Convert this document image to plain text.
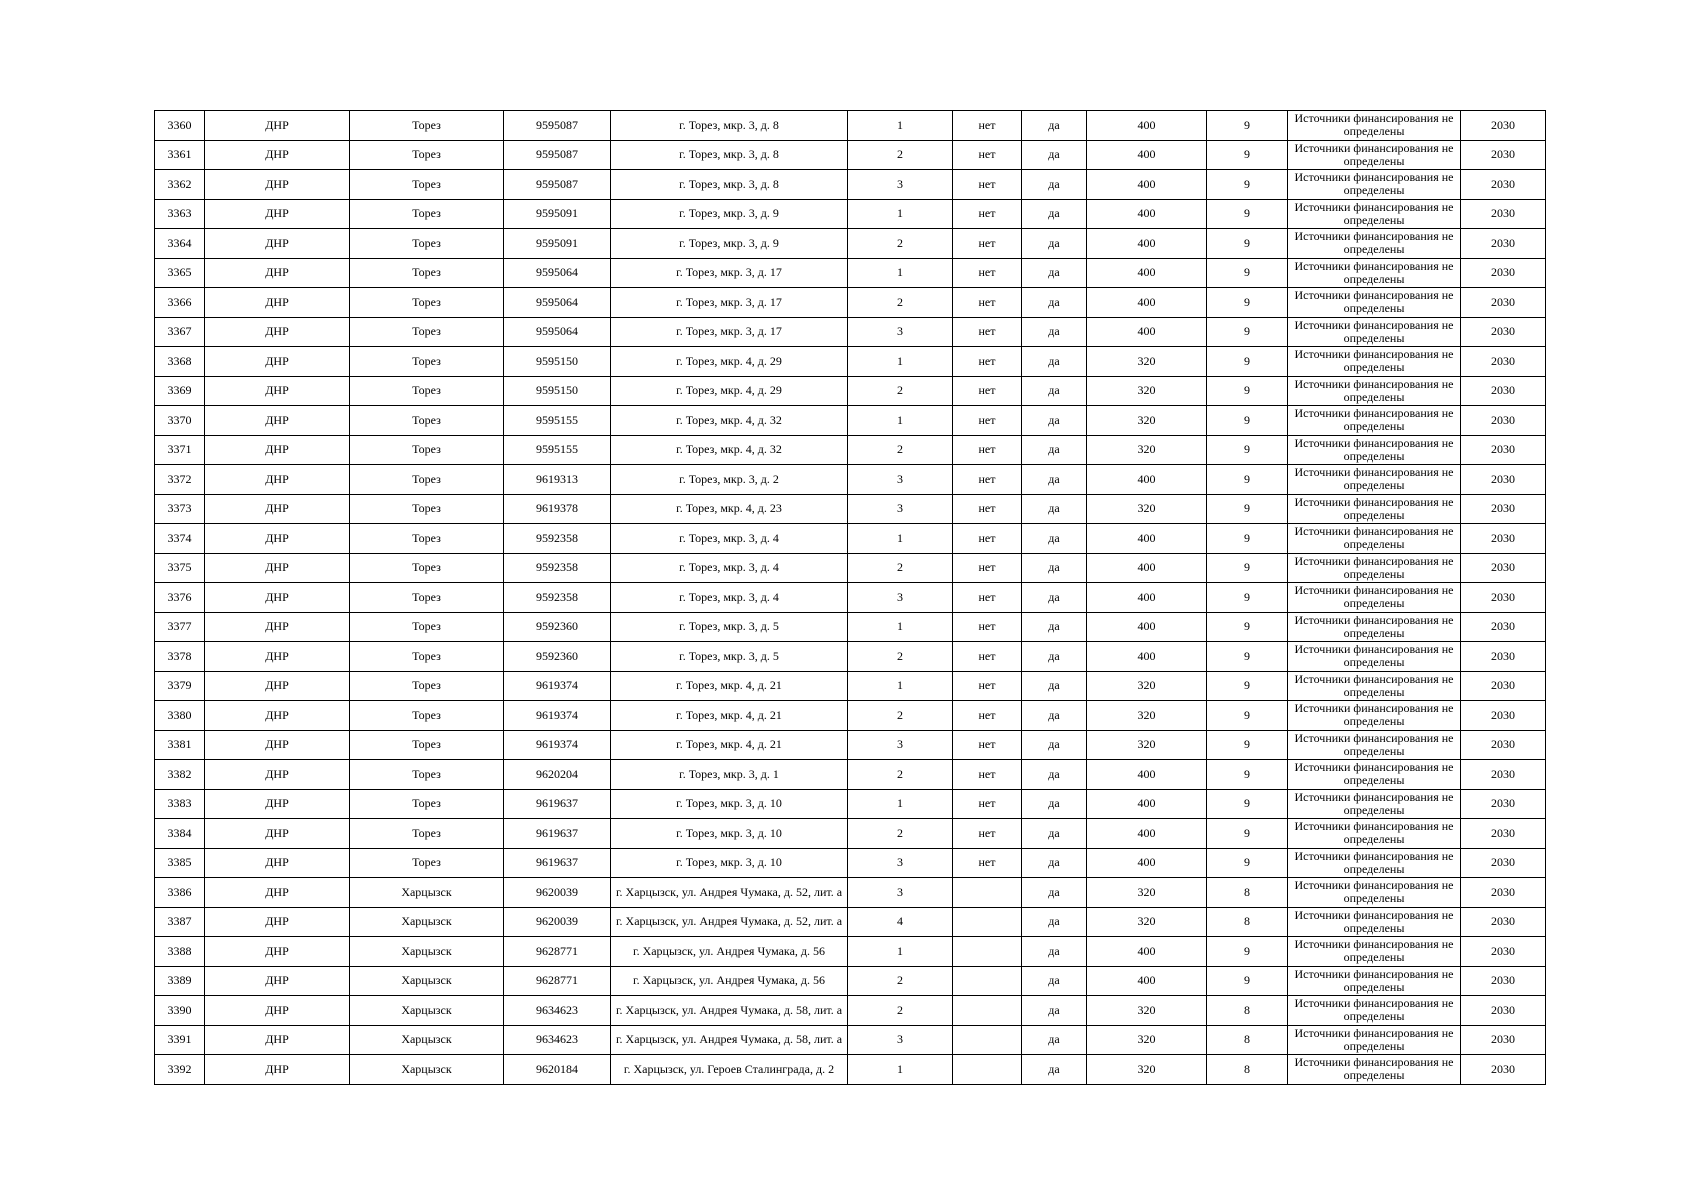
3360	ДНР	Торез	9595087	г. Торез, мкр. 3, д. 8	1	нет	да	400	9	Источники финансирования не определены	2030
3361	ДНР	Торез	9595087	г. Торез, мкр. 3, д. 8	2	нет	да	400	9	Источники финансирования не определены	2030
3362	ДНР	Торез	9595087	г. Торез, мкр. 3, д. 8	3	нет	да	400	9	Источники финансирования не определены	2030
3363	ДНР	Торез	9595091	г. Торез, мкр. 3, д. 9	1	нет	да	400	9	Источники финансирования не определены	2030
3364	ДНР	Торез	9595091	г. Торез, мкр. 3, д. 9	2	нет	да	400	9	Источники финансирования не определены	2030
3365	ДНР	Торез	9595064	г. Торез, мкр. 3, д. 17	1	нет	да	400	9	Источники финансирования не определены	2030
3366	ДНР	Торез	9595064	г. Торез, мкр. 3, д. 17	2	нет	да	400	9	Источники финансирования не определены	2030
3367	ДНР	Торез	9595064	г. Торез, мкр. 3, д. 17	3	нет	да	400	9	Источники финансирования не определены	2030
3368	ДНР	Торез	9595150	г. Торез, мкр. 4, д. 29	1	нет	да	320	9	Источники финансирования не определены	2030
3369	ДНР	Торез	9595150	г. Торез, мкр. 4, д. 29	2	нет	да	320	9	Источники финансирования не определены	2030
3370	ДНР	Торез	9595155	г. Торез, мкр. 4, д. 32	1	нет	да	320	9	Источники финансирования не определены	2030
3371	ДНР	Торез	9595155	г. Торез, мкр. 4, д. 32	2	нет	да	320	9	Источники финансирования не определены	2030
3372	ДНР	Торез	9619313	г. Торез, мкр. 3, д. 2	3	нет	да	400	9	Источники финансирования не определены	2030
3373	ДНР	Торез	9619378	г. Торез, мкр. 4, д. 23	3	нет	да	320	9	Источники финансирования не определены	2030
3374	ДНР	Торез	9592358	г. Торез, мкр. 3, д. 4	1	нет	да	400	9	Источники финансирования не определены	2030
3375	ДНР	Торез	9592358	г. Торез, мкр. 3, д. 4	2	нет	да	400	9	Источники финансирования не определены	2030
3376	ДНР	Торез	9592358	г. Торез, мкр. 3, д. 4	3	нет	да	400	9	Источники финансирования не определены	2030
3377	ДНР	Торез	9592360	г. Торез, мкр. 3, д. 5	1	нет	да	400	9	Источники финансирования не определены	2030
3378	ДНР	Торез	9592360	г. Торез, мкр. 3, д. 5	2	нет	да	400	9	Источники финансирования не определены	2030
3379	ДНР	Торез	9619374	г. Торез, мкр. 4, д. 21	1	нет	да	320	9	Источники финансирования не определены	2030
3380	ДНР	Торез	9619374	г. Торез, мкр. 4, д. 21	2	нет	да	320	9	Источники финансирования не определены	2030
3381	ДНР	Торез	9619374	г. Торез, мкр. 4, д. 21	3	нет	да	320	9	Источники финансирования не определены	2030
3382	ДНР	Торез	9620204	г. Торез, мкр. 3, д. 1	2	нет	да	400	9	Источники финансирования не определены	2030
3383	ДНР	Торез	9619637	г. Торез, мкр. 3, д. 10	1	нет	да	400	9	Источники финансирования не определены	2030
3384	ДНР	Торез	9619637	г. Торез, мкр. 3, д. 10	2	нет	да	400	9	Источники финансирования не определены	2030
3385	ДНР	Торез	9619637	г. Торез, мкр. 3, д. 10	3	нет	да	400	9	Источники финансирования не определены	2030
3386	ДНР	Харцызск	9620039	г. Харцызск, ул. Андрея Чумака, д. 52, лит. а	3		да	320	8	Источники финансирования не определены	2030
3387	ДНР	Харцызск	9620039	г. Харцызск, ул. Андрея Чумака, д. 52, лит. а	4		да	320	8	Источники финансирования не определены	2030
3388	ДНР	Харцызск	9628771	г. Харцызск, ул. Андрея Чумака, д. 56	1		да	400	9	Источники финансирования не определены	2030
3389	ДНР	Харцызск	9628771	г. Харцызск, ул. Андрея Чумака, д. 56	2		да	400	9	Источники финансирования не определены	2030
3390	ДНР	Харцызск	9634623	г. Харцызск, ул. Андрея Чумака, д. 58, лит. а	2		да	320	8	Источники финансирования не определены	2030
3391	ДНР	Харцызск	9634623	г. Харцызск, ул. Андрея Чумака, д. 58, лит. а	3		да	320	8	Источники финансирования не определены	2030
3392	ДНР	Харцызск	9620184	г. Харцызск, ул. Героев Сталинграда, д. 2	1		да	320	8	Источники финансирования не определены	2030
